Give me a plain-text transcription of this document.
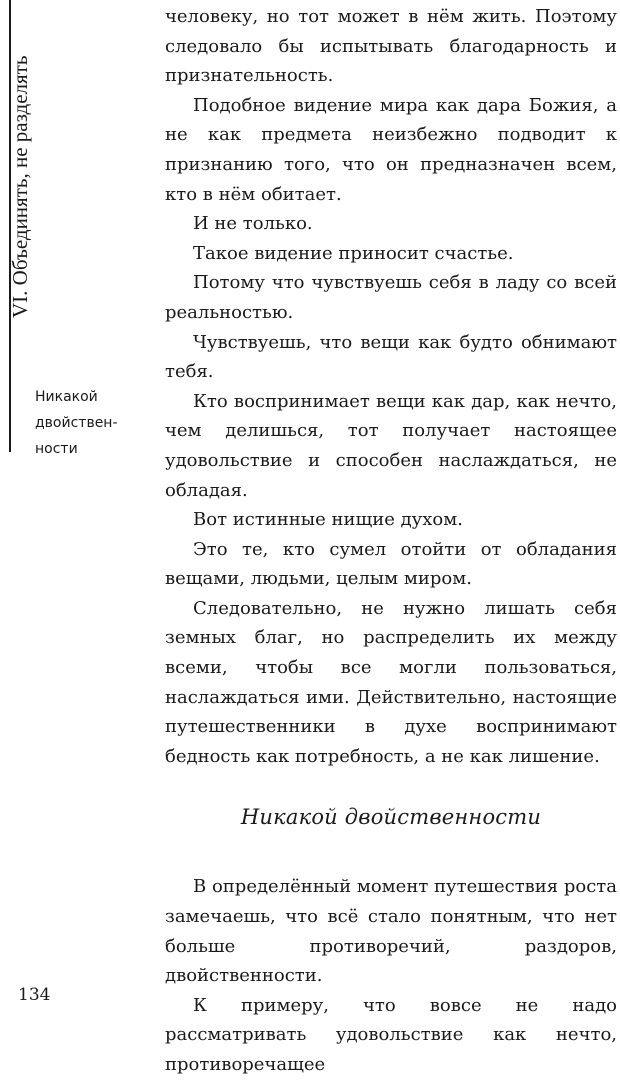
VI. Объединять, не разделять
Никакой
двойствен-
ности
134

человеку, но тот может в нём жить. Поэтому следовало бы испытывать благодарность и признательность.

Подобное видение мира как дара Божия, а не как предмета неизбежно подводит к признанию того, что он предназначен всем, кто в нём обитает.

И не только.

Такое видение приносит счастье.

Потому что чувствуешь себя в ладу со всей реальностью.

Чувствуешь, что вещи как будто обнимают тебя.

Кто воспринимает вещи как дар, как нечто, чем делишься, тот получает настоящее удовольствие и способен наслаждаться, не обладая.

Вот истинные нищие духом.

Это те, кто сумел отойти от обладания вещами, людьми, целым миром.

Следовательно, не нужно лишать себя земных благ, но распределить их между всеми, чтобы все могли пользоваться, наслаждаться ими. Действительно, настоящие путешественники в духе воспринимают бедность как потребность, а не как лишение.

Никакой двойственности

В определённый момент путешествия роста замечаешь, что всё стало понятным, что нет больше противоречий, раздоров, двойственности.

К примеру, что вовсе не надо рассматривать удовольствие как нечто, противоречащее
